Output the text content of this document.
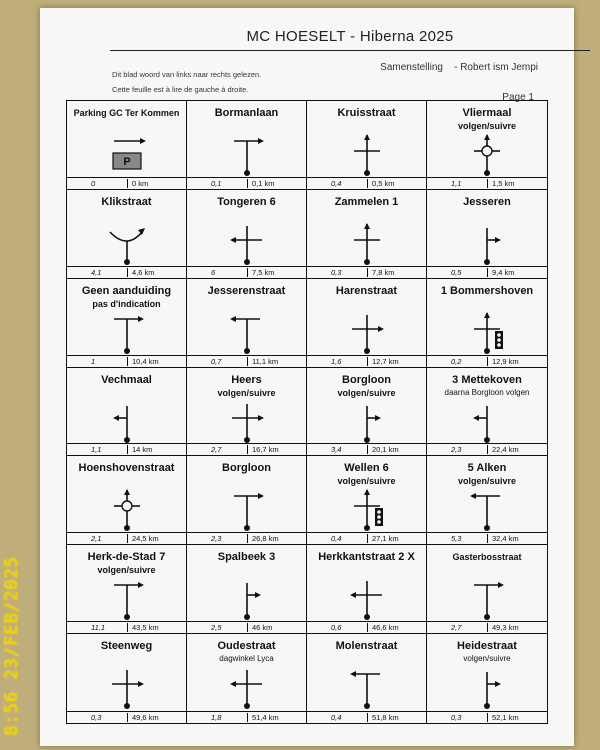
MC HOESELT - Hiberna 2025
Samenstelling - Robert ism Jempi
Dit blad woord van links naar rechts gelezen.
Cette feuille est à lire de gauche à droite.
Page 1
Parking GC Ter Kommen
P
0	0 km
Bormanlaan
0,1	0,1 km
Kruisstraat
0,4	0,5 km
Vliermaal
volgen/suivre
1,1	1,5 km
Klikstraat
4,1	4,6 km
Tongeren 6
6	7,5 km
Zammelen 1
0,3	7,8 km
Jesseren
0,5	9,4 km
Geen aanduiding
pas d'indication
1	10,4 km
Jesserenstraat
0,7	11,1 km
Harenstraat
1,6	12,7 km
1 Bommershoven
0,2	12,9 km
Vechmaal
1,1	14 km
Heers
volgen/suivre
2,7	16,7 km
Borgloon
volgen/suivre
3,4	20,1 km
3 Mettekoven
daarna Borgloon volgen
2,3	22,4 km
Hoenshovenstraat
2,1	24,5 km
Borgloon
2,3	26,8 km
Wellen 6
volgen/suivre
0,4	27,1 km
5 Alken
volgen/suivre
5,3	32,4 km
Herk-de-Stad 7
volgen/suivre
11,1	43,5 km
Spalbeek 3
2,5	46 km
Herkkantstraat 2 X
0,6	46,6 km
Gasterbosstraat
2,7	49,3 km
Steenweg
0,3	49,6 km
Oudestraat
dagwinkel Lyca
1,8	51,4 km
Molenstraat
0,4	51,8 km
Heidestraat
volgen/suivre
0,3	52,1 km
8:56 23/FEB/2025
